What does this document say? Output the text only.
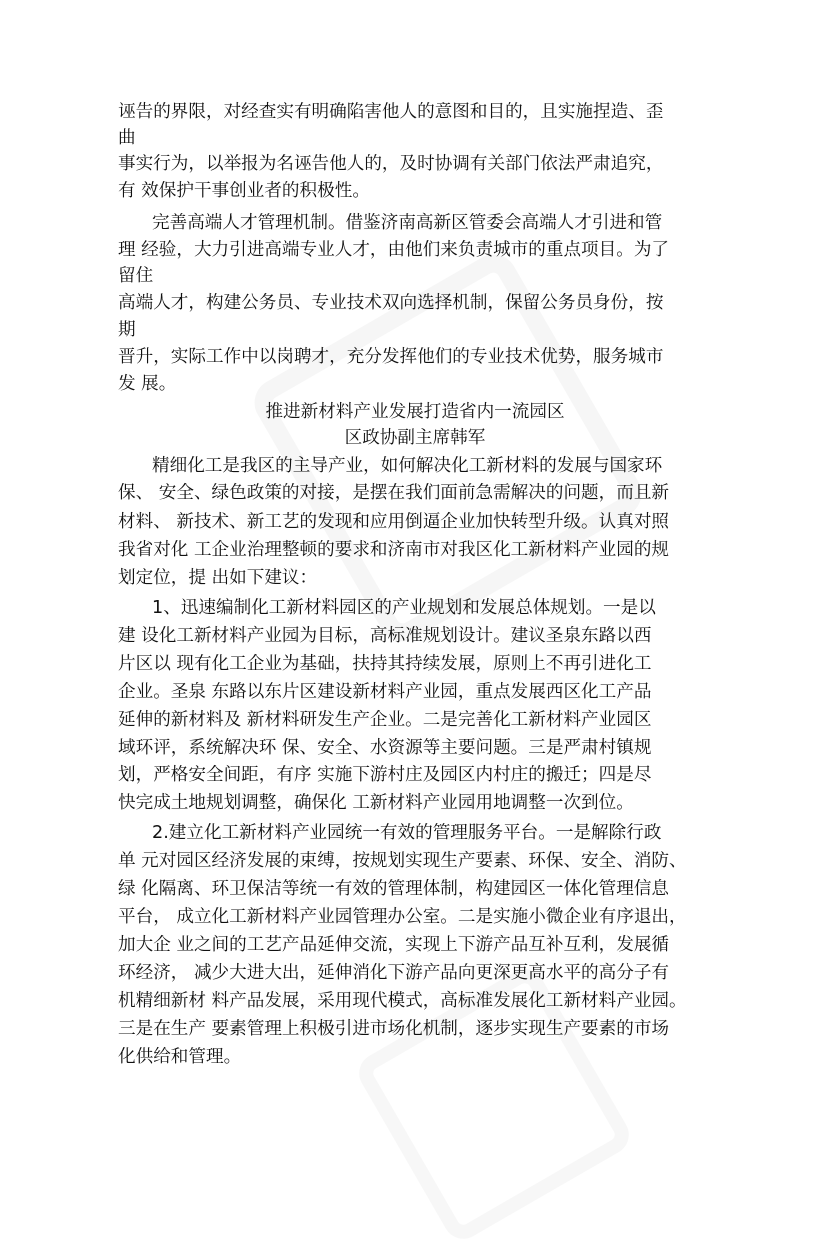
诬告的界限，对经查实有明确陷害他人的意图和目的，且实施捏造、歪
曲
事实行为，以举报为名诬告他人的，及时协调有关部门依法严肃追究，
有 效保护干事创业者的积极性。
完善高端人才管理机制。借鉴济南高新区管委会高端人才引进和管
理 经验，大力引进高端专业人才，由他们来负责城市的重点项目。为了
留住
高端人才，构建公务员、专业技术双向选择机制，保留公务员身份，按
期
晋升，实际工作中以岗聘才，充分发挥他们的专业技术优势，服务城市
发 展。
推进新材料产业发展打造省内一流园区
区政协副主席韩军
精细化工是我区的主导产业，如何解决化工新材料的发展与国家环
保、 安全、绿色政策的对接，是摆在我们面前急需解决的问题，而且新
材料、 新技术、新工艺的发现和应用倒逼企业加快转型升级。认真对照
我省对化 工企业治理整顿的要求和济南市对我区化工新材料产业园的规
划定位，提 出如下建议：
1、迅速编制化工新材料园区的产业规划和发展总体规划。一是以
建 设化工新材料产业园为目标，高标准规划设计。建议圣泉东路以西
片区以 现有化工企业为基础，扶持其持续发展，原则上不再引进化工
企业。圣泉 东路以东片区建设新材料产业园，重点发展西区化工产品
延伸的新材料及 新材料研发生产企业。二是完善化工新材料产业园区
域环评，系统解决环 保、安全、水资源等主要问题。三是严肃村镇规
划，严格安全间距，有序 实施下游村庄及园区内村庄的搬迁；四是尽
快完成土地规划调整，确保化 工新材料产业园用地调整一次到位。
2.建立化工新材料产业园统一有效的管理服务平台。一是解除行政
单 元对园区经济发展的束缚，按规划实现生产要素、环保、安全、消防、
绿 化隔离、环卫保洁等统一有效的管理体制，构建园区一体化管理信息
平台， 成立化工新材料产业园管理办公室。二是实施小微企业有序退出，
加大企 业之间的工艺产品延伸交流，实现上下游产品互补互利，发展循
环经济， 减少大进大出，延伸消化下游产品向更深更高水平的高分子有
机精细新材 料产品发展，采用现代模式，高标准发展化工新材料产业园。
三是在生产 要素管理上积极引进市场化机制，逐步实现生产要素的市场
化供给和管理。
